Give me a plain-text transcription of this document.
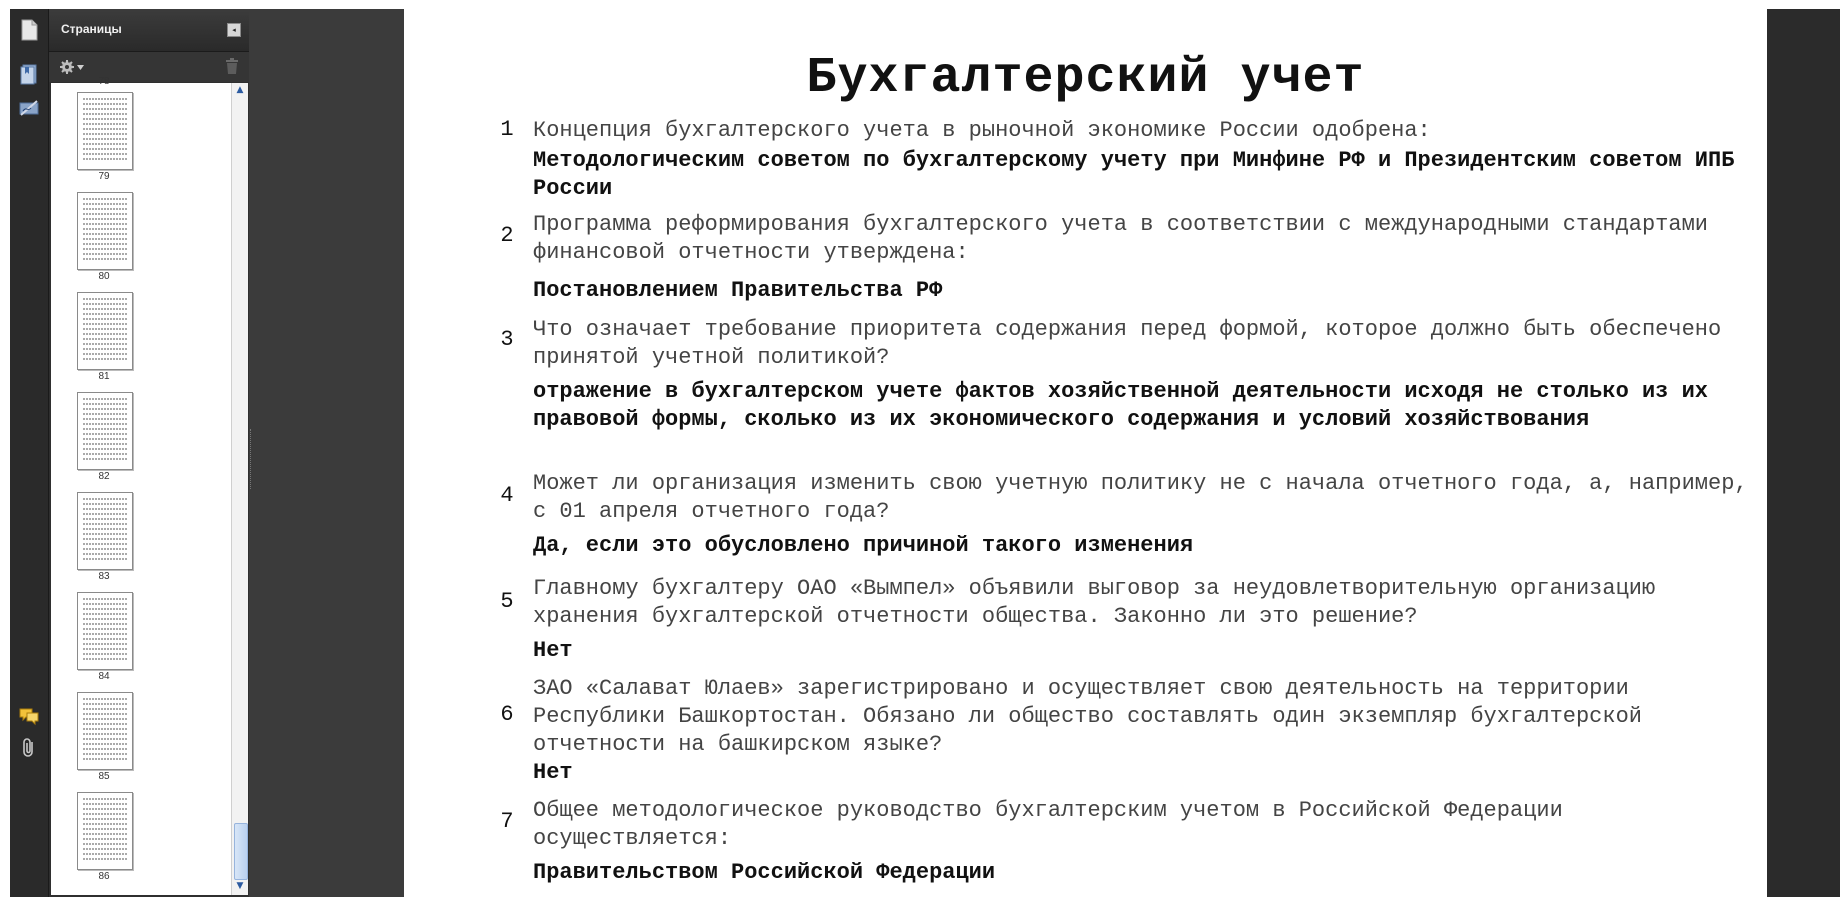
Страницы	◂
78
79
80
81
82
83
84
85
86
▲
▼
Бухгалтерский учет
1 Концепция бухгалтерского учета в рыночной экономике России одобрена:
Методологическим советом по бухгалтерскому учету при Минфине РФ и Президентским советом ИПБ России
2 Программа реформирования бухгалтерского учета в соответствии с международными стандартами финансовой отчетности утверждена:
Постановлением Правительства РФ
3 Что означает требование приоритета содержания перед формой, которое должно быть обеспечено принятой учетной политикой?
отражение в бухгалтерском учете фактов хозяйственной деятельности исходя не столько из их правовой формы, сколько из их экономического содержания и условий хозяйствования
4 Может ли организация изменить свою учетную политику не с начала отчетного года, а, например, с 01 апреля отчетного года?
Да, если это обусловлено причиной такого изменения
5
Главному бухгалтеру ОАО «Вымпел» объявили выговор за неудовлетворительную организацию хранения бухгалтерской отчетности общества. Законно ли это решение?
Нет
6
ЗАО «Салават Юлаев» зарегистрировано и осуществляет свою деятельность на территории Республики Башкортостан. Обязано ли общество составлять один экземпляр бухгалтерской отчетности на башкирском языке?
Нет
7 Общее методологическое руководство бухгалтерским учетом в Российской Федерации осуществляется:
Правительством Российской Федерации
